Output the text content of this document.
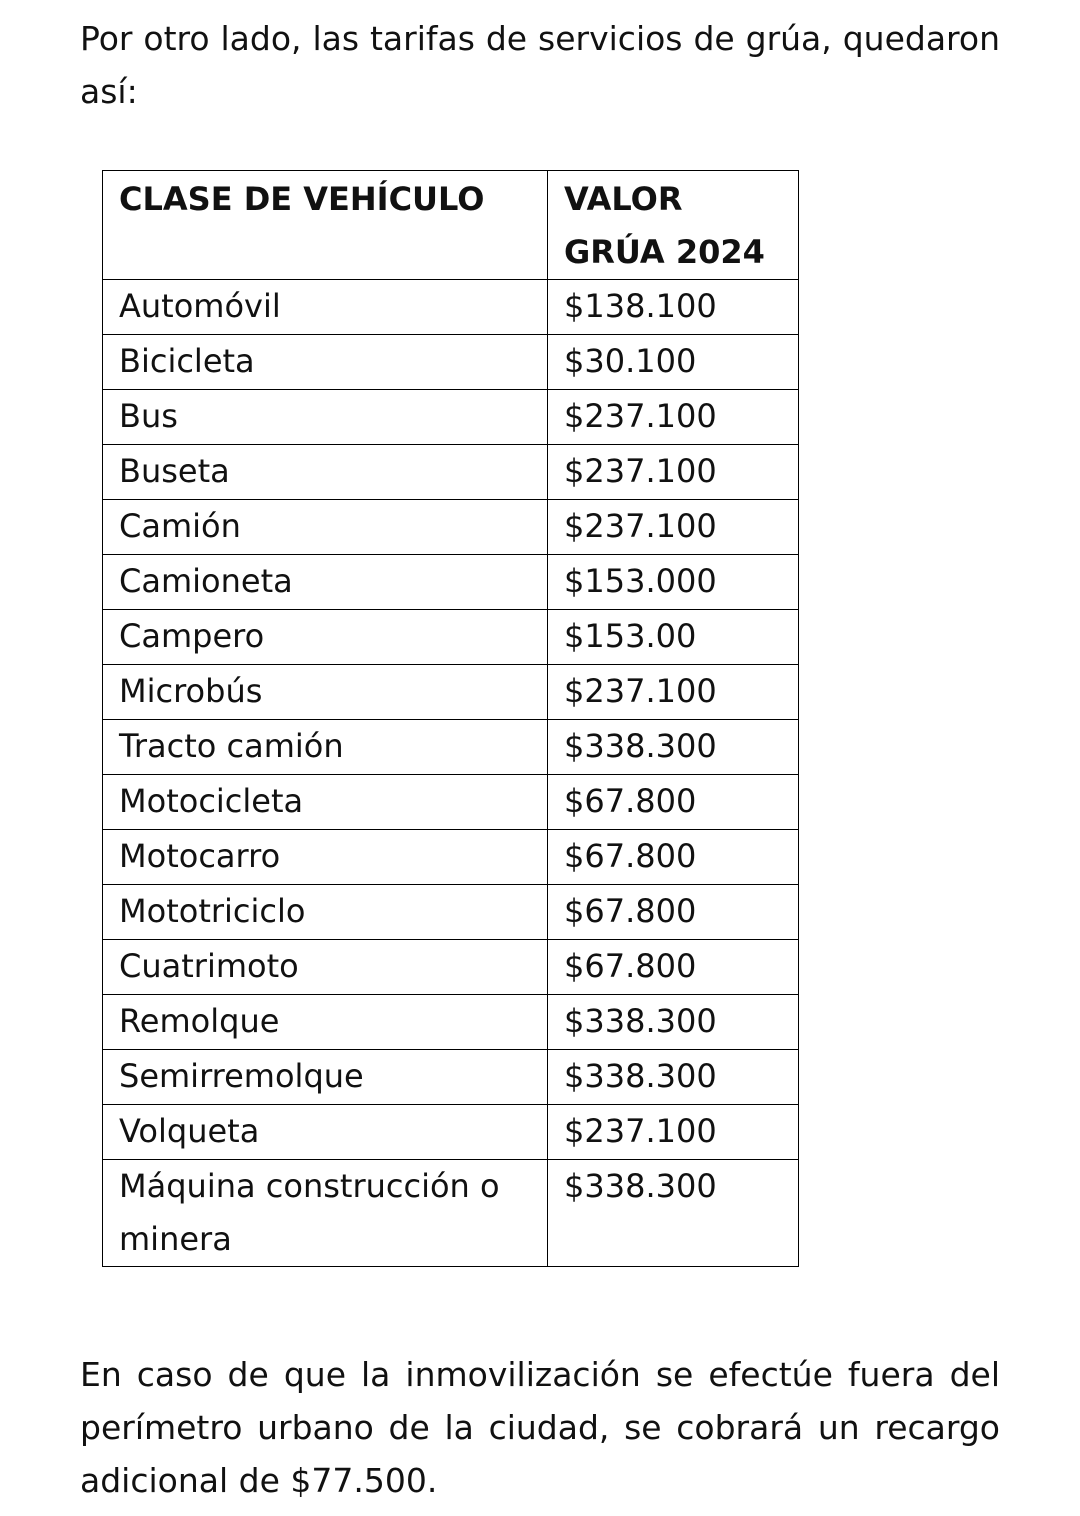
Por otro lado, las tarifas de servicios de grúa, quedaron así:

CLASE DE VEHÍCULO	VALOR GRÚA 2024
Automóvil	$138.100
Bicicleta	$30.100
Bus	$237.100
Buseta	$237.100
Camión	$237.100
Camioneta	$153.000
Campero	$153.00
Microbús	$237.100
Tracto camión	$338.300
Motocicleta	$67.800
Motocarro	$67.800
Mototriciclo	$67.800
Cuatrimoto	$67.800
Remolque	$338.300
Semirremolque	$338.300
Volqueta	$237.100
Máquina construcción o minera	$338.300

En caso de que la inmovilización se efectúe fuera del perímetro urbano de la ciudad, se cobrará un recargo adicional de $77.500.
